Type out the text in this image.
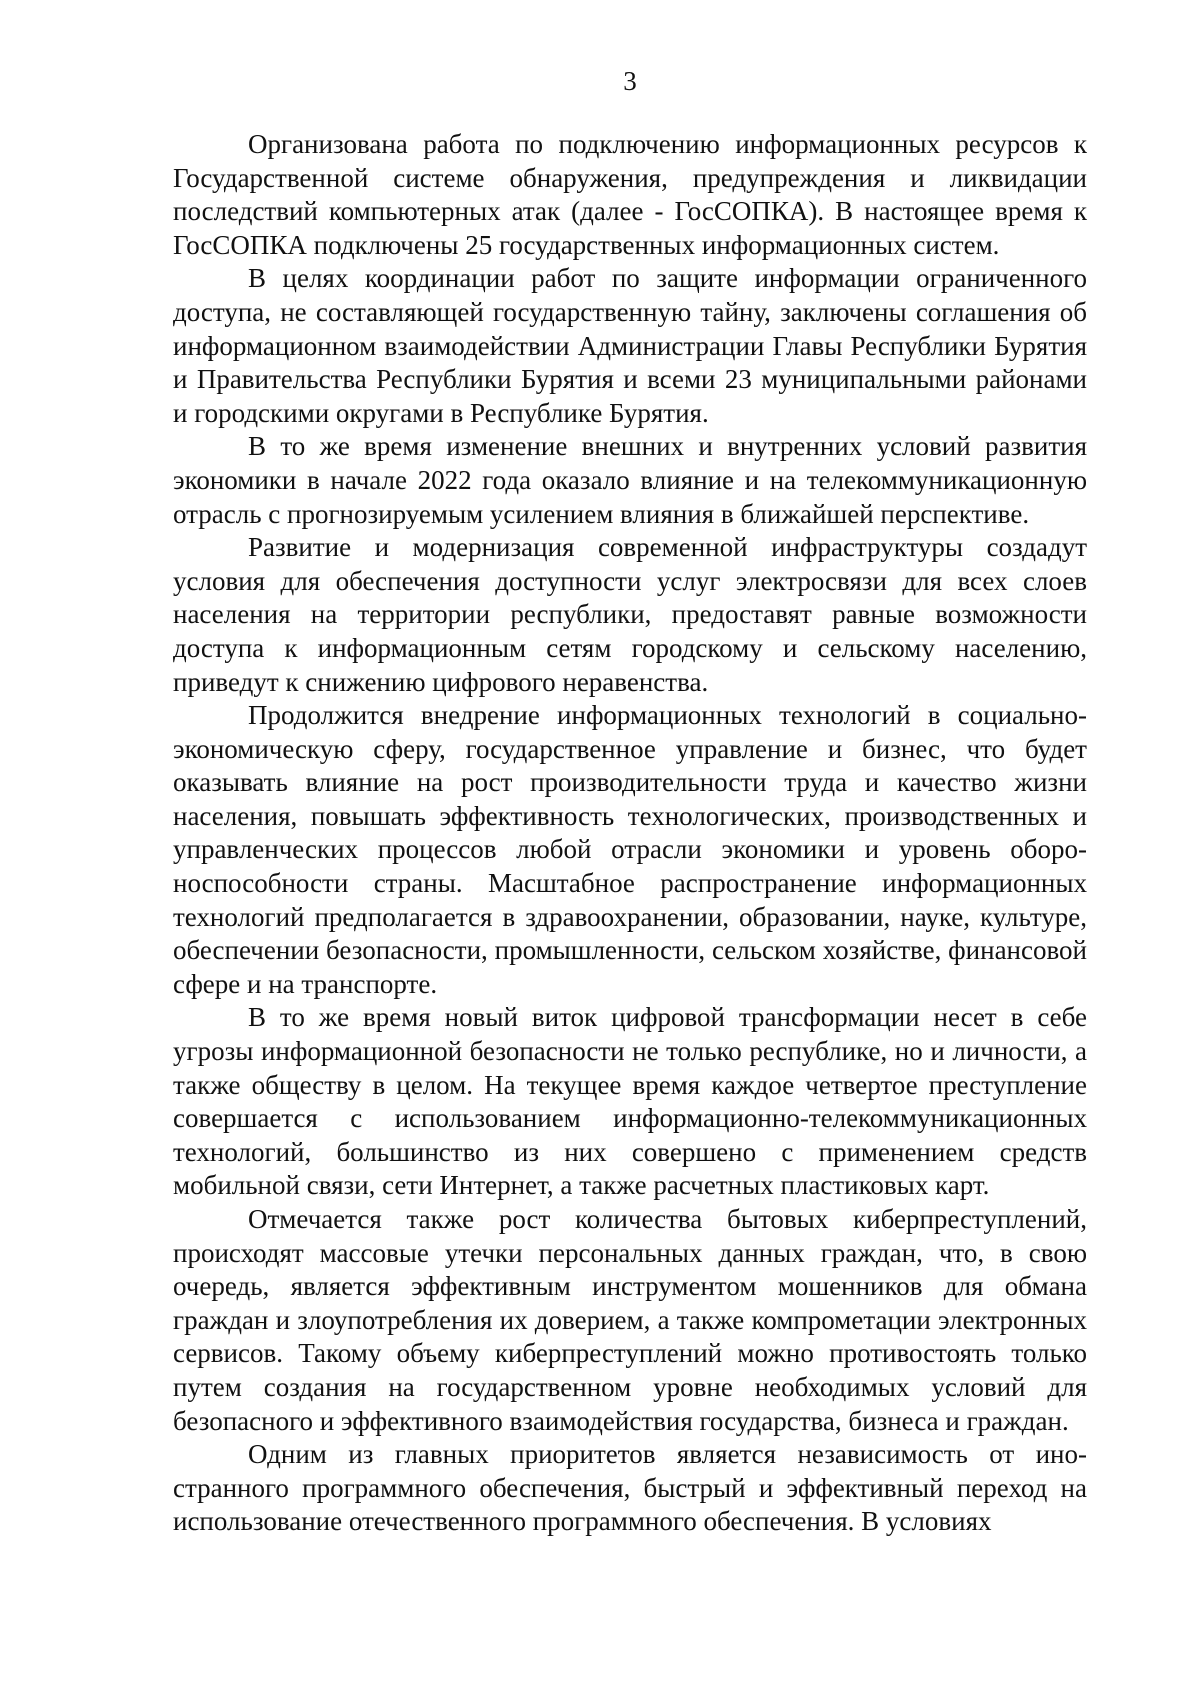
3

Организована работа по подключению информационных ресурсов к Государственной системе обнаружения, предупреждения и ликвидации последствий компьютерных атак (далее - ГосСОПКА). В настоящее время к ГосСОПКА подключены 25 государственных информационных систем.

В целях координации работ по защите информации ограниченного доступа, не составляющей государственную тайну, заключены соглашения об информационном взаимодействии Администрации Главы Республики Бурятия и Правительства Республики Бурятия и всеми 23 муниципальными районами и городскими округами в Республике Бурятия.

В то же время изменение внешних и внутренних условий развития экономики в начале 2022 года оказало влияние и на телекоммуникационную отрасль с прогнозируемым усилением влияния в ближайшей перспективе.

Развитие и модернизация современной инфраструктуры создадут условия для обеспечения доступности услуг электросвязи для всех слоев населения на территории республики, предоставят равные возможности доступа к информационным сетям городскому и сельскому населению, приведут к снижению цифрового неравенства.

Продолжится внедрение информационных технологий в социально-экономическую сферу, государственное управление и бизнес, что будет оказывать влияние на рост производительности труда и качество жизни населения, повышать эффективность технологических, производственных и управленческих процессов любой отрасли экономики и уровень обороноспособности страны. Масштабное распространение информационных технологий предполагается в здравоохранении, образовании, науке, культуре, обеспечении безопасности, промышленности, сельском хозяйстве, финансовой сфере и на транспорте.

В то же время новый виток цифровой трансформации несет в себе угрозы информационной безопасности не только республике, но и личности, а также обществу в целом. На текущее время каждое четвертое преступление совершается с использованием информационно-телекоммуникационных технологий, большинство из них совершено с применением средств мобильной связи, сети Интернет, а также расчетных пластиковых карт.

Отмечается также рост количества бытовых киберпреступлений, происходят массовые утечки персональных данных граждан, что, в свою очередь, является эффективным инструментом мошенников для обмана граждан и злоупотребления их доверием, а также компрометации электронных сервисов. Такому объему киберпреступлений можно противостоять только путем создания на государственном уровне необходимых условий для безопасного и эффективного взаимодействия государства, бизнеса и граждан.

Одним из главных приоритетов является независимость от иностранного программного обеспечения, быстрый и эффективный переход на использование отечественного программного обеспечения. В условиях
